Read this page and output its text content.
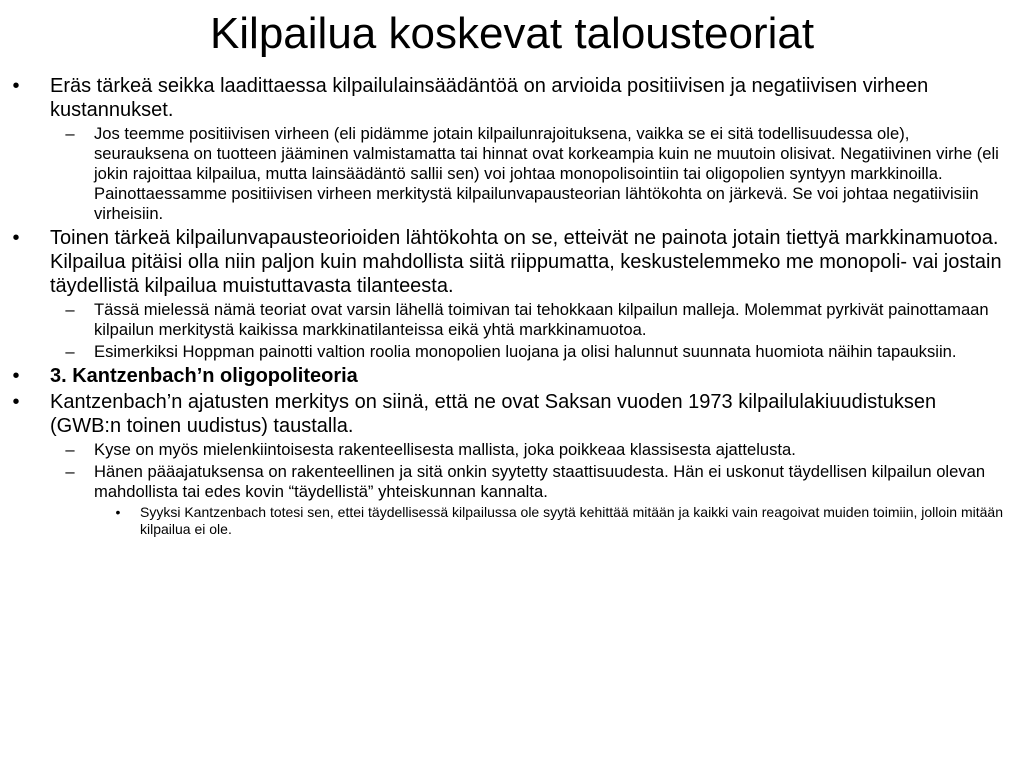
Kilpailua koskevat talousteoriat
•	Eräs tärkeä seikka laadittaessa kilpailulainsäädäntöä on arvioida positiivisen ja negatiivisen virheen kustannukset.
–	Jos teemme positiivisen virheen (eli pidämme jotain kilpailunrajoituksena, vaikka se ei sitä todellisuudessa ole), seurauksena on tuotteen jääminen valmistamatta tai hinnat ovat korkeampia kuin ne muutoin olisivat. Negatiivinen virhe (eli jokin rajoittaa kilpailua, mutta lainsäädäntö sallii sen) voi johtaa monopolisointiin tai oligopolien syntyyn markkinoilla. Painottaessamme positiivisen virheen merkitystä kilpailunvapausteorian lähtökohta on järkevä. Se voi johtaa negatiivisiin virheisiin.
•	Toinen tärkeä kilpailunvapausteorioiden lähtökohta on se, etteivät ne painota jotain tiettyä markkinamuotoa. Kilpailua pitäisi olla niin paljon kuin mahdollista siitä riippumatta, keskustelemmeko me monopoli- vai jostain täydellistä kilpailua muistuttavasta tilanteesta.
–	Tässä mielessä nämä teoriat ovat varsin lähellä toimivan tai tehokkaan kilpailun malleja. Molemmat pyrkivät painottamaan kilpailun merkitystä kaikissa markkinatilanteissa eikä yhtä markkinamuotoa.
–	Esimerkiksi Hoppman painotti valtion roolia monopolien luojana ja olisi halunnut suunnata huomiota näihin tapauksiin.
•	3. Kantzenbach’n oligopoliteoria
•	Kantzenbach’n ajatusten merkitys on siinä, että ne ovat Saksan vuoden 1973 kilpailulakiuudistuksen (GWB:n toinen uudistus) taustalla.
–	Kyse on myös mielenkiintoisesta rakenteellisesta mallista, joka poikkeaa klassisesta ajattelusta.
–	Hänen pääajatuksensa on rakenteellinen ja sitä onkin syytetty staattisuudesta. Hän ei uskonut täydellisen kilpailun olevan mahdollista tai edes kovin “täydellistä” yhteiskunnan kannalta.
•	Syyksi Kantzenbach totesi sen, ettei täydellisessä kilpailussa ole syytä kehittää mitään ja kaikki vain reagoivat muiden toimiin, jolloin mitään kilpailua ei ole.
